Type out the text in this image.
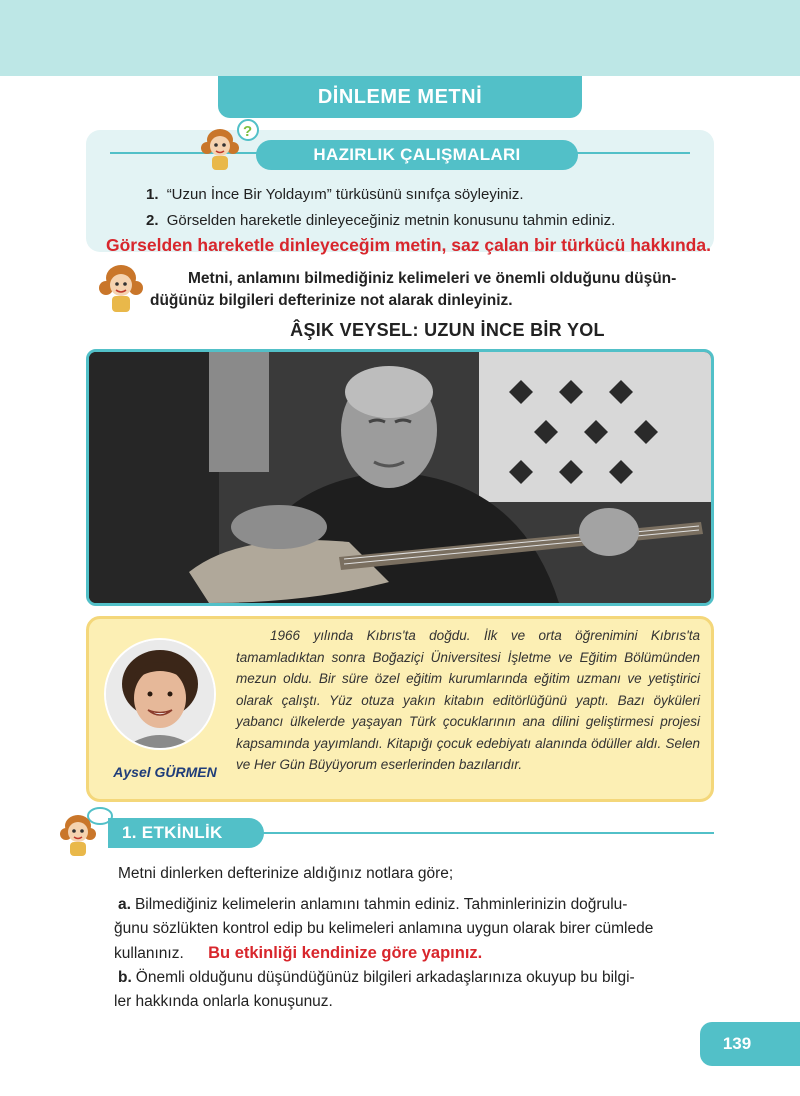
DİNLEME METNİ
?
HAZIRLIK ÇALIŞMALARI
1. “Uzun İnce Bir Yoldayım” türküsünü sınıfça söyleyiniz.
2. Görselden hareketle dinleyeceğiniz metnin konusunu tahmin ediniz.
Görselden hareketle dinleyeceğim metin, saz çalan bir türkücü hakkında.
Metni, anlamını bilmediğiniz kelimeleri ve önemli olduğunu düşün-
düğünüz bilgileri defterinize not alarak dinleyiniz.
ÂŞIK VEYSEL: UZUN İNCE BİR YOL
Aysel GÜRMEN
1966 yılında Kıbrıs'ta doğdu. İlk ve orta öğrenimini Kıbrıs'ta tamamladıktan sonra Boğaziçi Üniversitesi İşletme ve Eğitim Bölümünden mezun oldu. Bir süre özel eğitim kurumlarında eğitim uzmanı ve yetiştirici olarak çalıştı. Yüz otuza yakın kitabın editörlüğünü yaptı. Bazı öyküleri yabancı ülkelerde yaşayan Türk çocuklarının ana dilini geliştirmesi projesi kapsamında yayımlandı. Kitapığı çocuk edebiyatı alanında ödüller aldı. Selen ve Her Gün Büyüyorum eserlerinden bazılarıdır.
1. ETKİNLİK
Metni dinlerken defterinize aldığınız notlara göre;
a. Bilmediğiniz kelimelerin anlamını tahmin ediniz. Tahminlerinizin doğrulu-
ğunu sözlükten kontrol edip bu kelimeleri anlamına uygun olarak birer cümlede
kullanınız. Bu etkinliği kendinize göre yapınız.
b. Önemli olduğunu düşündüğünüz bilgileri arkadaşlarınıza okuyup bu bilgi-
ler hakkında onlarla konuşunuz.
139
